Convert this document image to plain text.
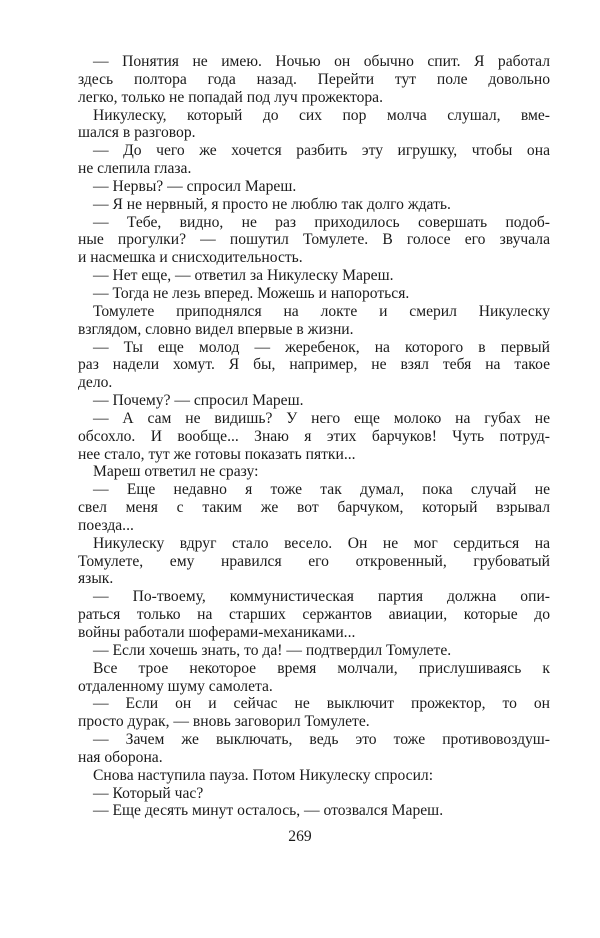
— Понятия не имею. Ночью он обычно спит. Я работал
здесь полтора года назад. Перейти тут поле довольно
легко, только не попадай под луч прожектора.
Никулеску, который до сих пор молча слушал, вме-
шался в разговор.
— До чего же хочется разбить эту игрушку, чтобы она
не слепила глаза.
— Нервы? — спросил Мареш.
— Я не нервный, я просто не люблю так долго ждать.
— Тебе, видно, не раз приходилось совершать подоб-
ные прогулки? — пошутил Томулете. В голосе его звучала
и насмешка и снисходительность.
— Нет еще, — ответил за Никулеску Мареш.
— Тогда не лезь вперед. Можешь и напороться.
Томулете приподнялся на локте и смерил Никулеску
взглядом, словно видел впервые в жизни.
— Ты еще молод — жеребенок, на которого в первый
раз надели хомут. Я бы, например, не взял тебя на такое
дело.
— Почему? — спросил Мареш.
— А сам не видишь? У него еще молоко на губах не
обсохло. И вообще... Знаю я этих барчуков! Чуть потруд-
нее стало, тут же готовы показать пятки...
Мареш ответил не сразу:
— Еще недавно я тоже так думал, пока случай не
свел меня с таким же вот барчуком, который взрывал
поезда...
Никулеску вдруг стало весело. Он не мог сердиться на
Томулете, ему нравился его откровенный, грубоватый
язык.
— По-твоему, коммунистическая партия должна опи-
раться только на старших сержантов авиации, которые до
войны работали шоферами-механиками...
— Если хочешь знать, то да! — подтвердил Томулете.
Все трое некоторое время молчали, прислушиваясь к
отдаленному шуму самолета.
— Если он и сейчас не выключит прожектор, то он
просто дурак, — вновь заговорил Томулете.
— Зачем же выключать, ведь это тоже противовоздуш-
ная оборона.
Снова наступила пауза. Потом Никулеску спросил:
— Который час?
— Еще десять минут осталось, — отозвался Мареш.
269
